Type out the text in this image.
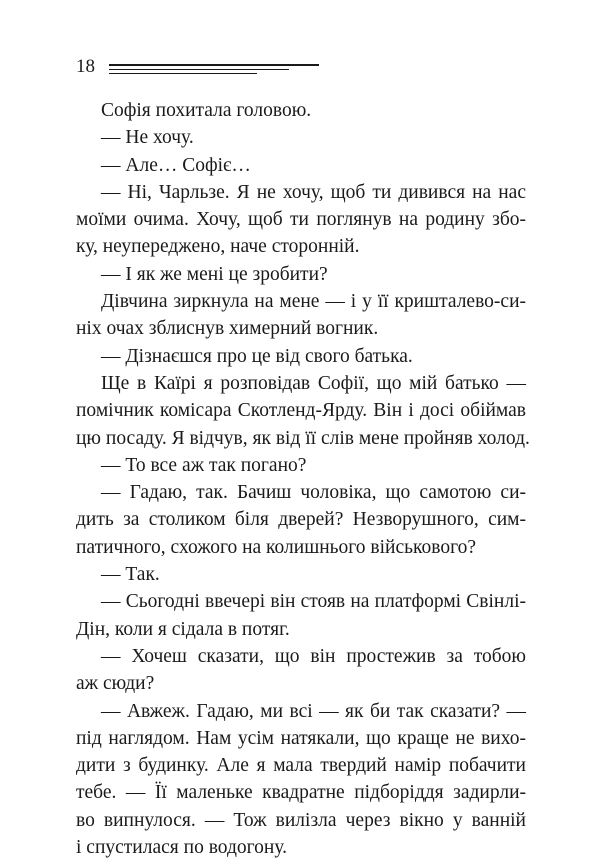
18
Софія похитала головою.
— Не хочу.
— Але… Софіє…
— Ні, Чарльзе. Я не хочу, щоб ти дивився на нас
моїми очима. Хочу, щоб ти поглянув на родину збо-
ку, неупереджено, наче сторонній.
— І як же мені це зробити?
Дівчина зиркнула на мене — і у її кришталево-си-
ніх очах зблиснув химерний вогник.
— Дізнаєшся про це від свого батька.
Ще в Каїрі я розповідав Софії, що мій батько —
помічник комісара Скотленд-Ярду. Він і досі обіймав
цю посаду. Я відчув, як від її слів мене пройняв холод.
— То все аж так погано?
— Гадаю, так. Бачиш чоловіка, що самотою си-
дить за столиком біля дверей? Незворушного, сим-
патичного, схожого на колишнього військового?
— Так.
— Сьогодні ввечері він стояв на платформі Свінлі-
Дін, коли я сідала в потяг.
— Хочеш сказати, що він простежив за тобою
аж сюди?
— Авжеж. Гадаю, ми всі — як би так сказати? —
під наглядом. Нам усім натякали, що краще не вихо-
дити з будинку. Але я мала твердий намір побачити
тебе. — Її маленьке квадратне підборіддя задирли-
во випнулося. — Тож вилізла через вікно у ванній
і спустилася по водогону.
